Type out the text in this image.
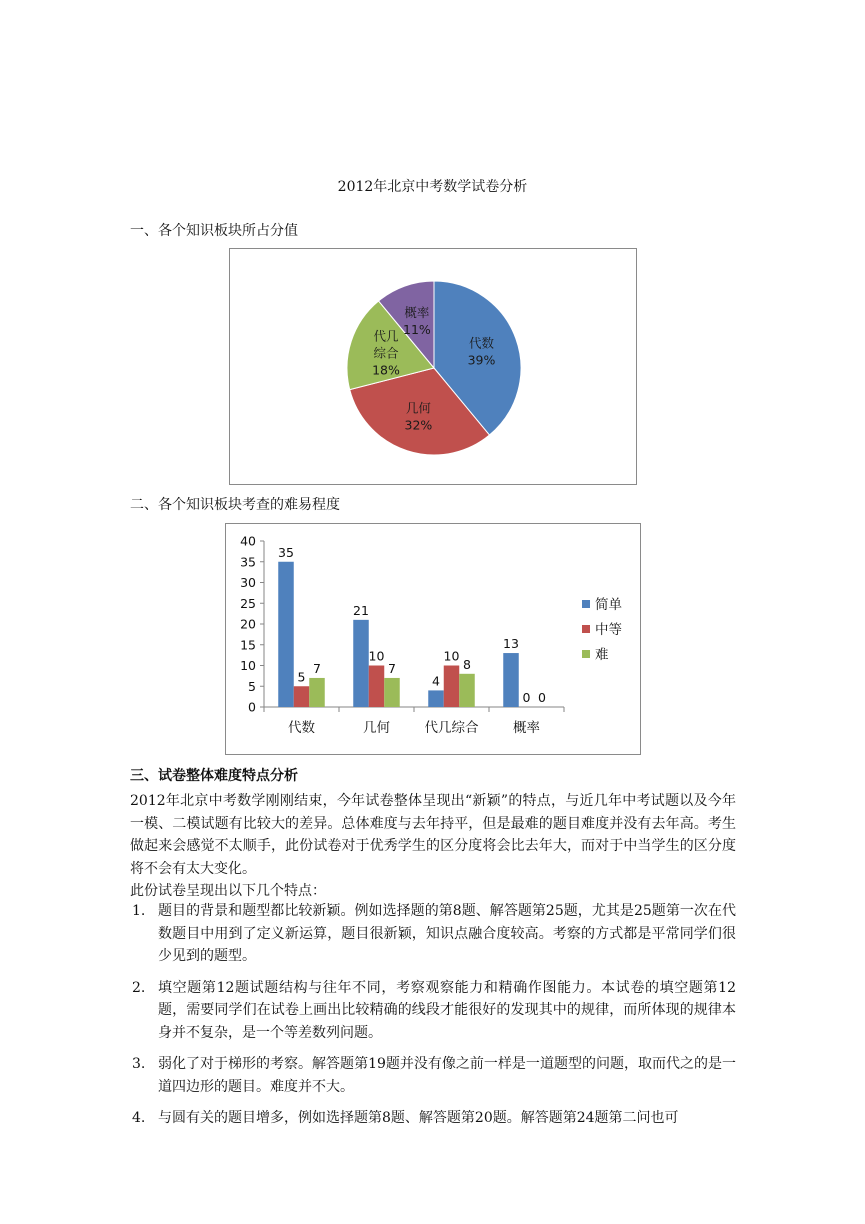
2012年北京中考数学试卷分析
一、各个知识板块所占分值
代数 39%
几何 32%
代几综合 18%
概率 11%
二、各个知识板块考查的难易程度
0
5
10
15
20
25
30
35
40
35
5
7
代数
21
10
7
几何
4
10
8
代几综合
13
0 0
概率
简单
中等
难
三、试卷整体难度特点分析

2012年北京中考数学刚刚结束，今年试卷整体呈现出“新颖”的特点，与近几年中考试题以及今年一模、二模试题有比较大的差异。总体难度与去年持平，但是最难的题目难度并没有去年高。考生做起来会感觉不太顺手，此份试卷对于优秀学生的区分度将会比去年大，而对于中当学生的区分度将不会有太大变化。

此份试卷呈现出以下几个特点：

1. 题目的背景和题型都比较新颖。例如选择题的第8题、解答题第25题，尤其是25题第一次在代数题目中用到了定义新运算，题目很新颖，知识点融合度较高。考察的方式都是平常同学们很少见到的题型。
2. 填空题第12题试题结构与往年不同，考察观察能力和精确作图能力。本试卷的填空题第12题，需要同学们在试卷上画出比较精确的线段才能很好的发现其中的规律，而所体现的规律本身并不复杂，是一个等差数列问题。
3. 弱化了对于梯形的考察。解答题第19题并没有像之前一样是一道题型的问题，取而代之的是一道四边形的题目。难度并不大。
4. 与圆有关的题目增多，例如选择题第8题、解答题第20题。解答题第24题第二问也可
